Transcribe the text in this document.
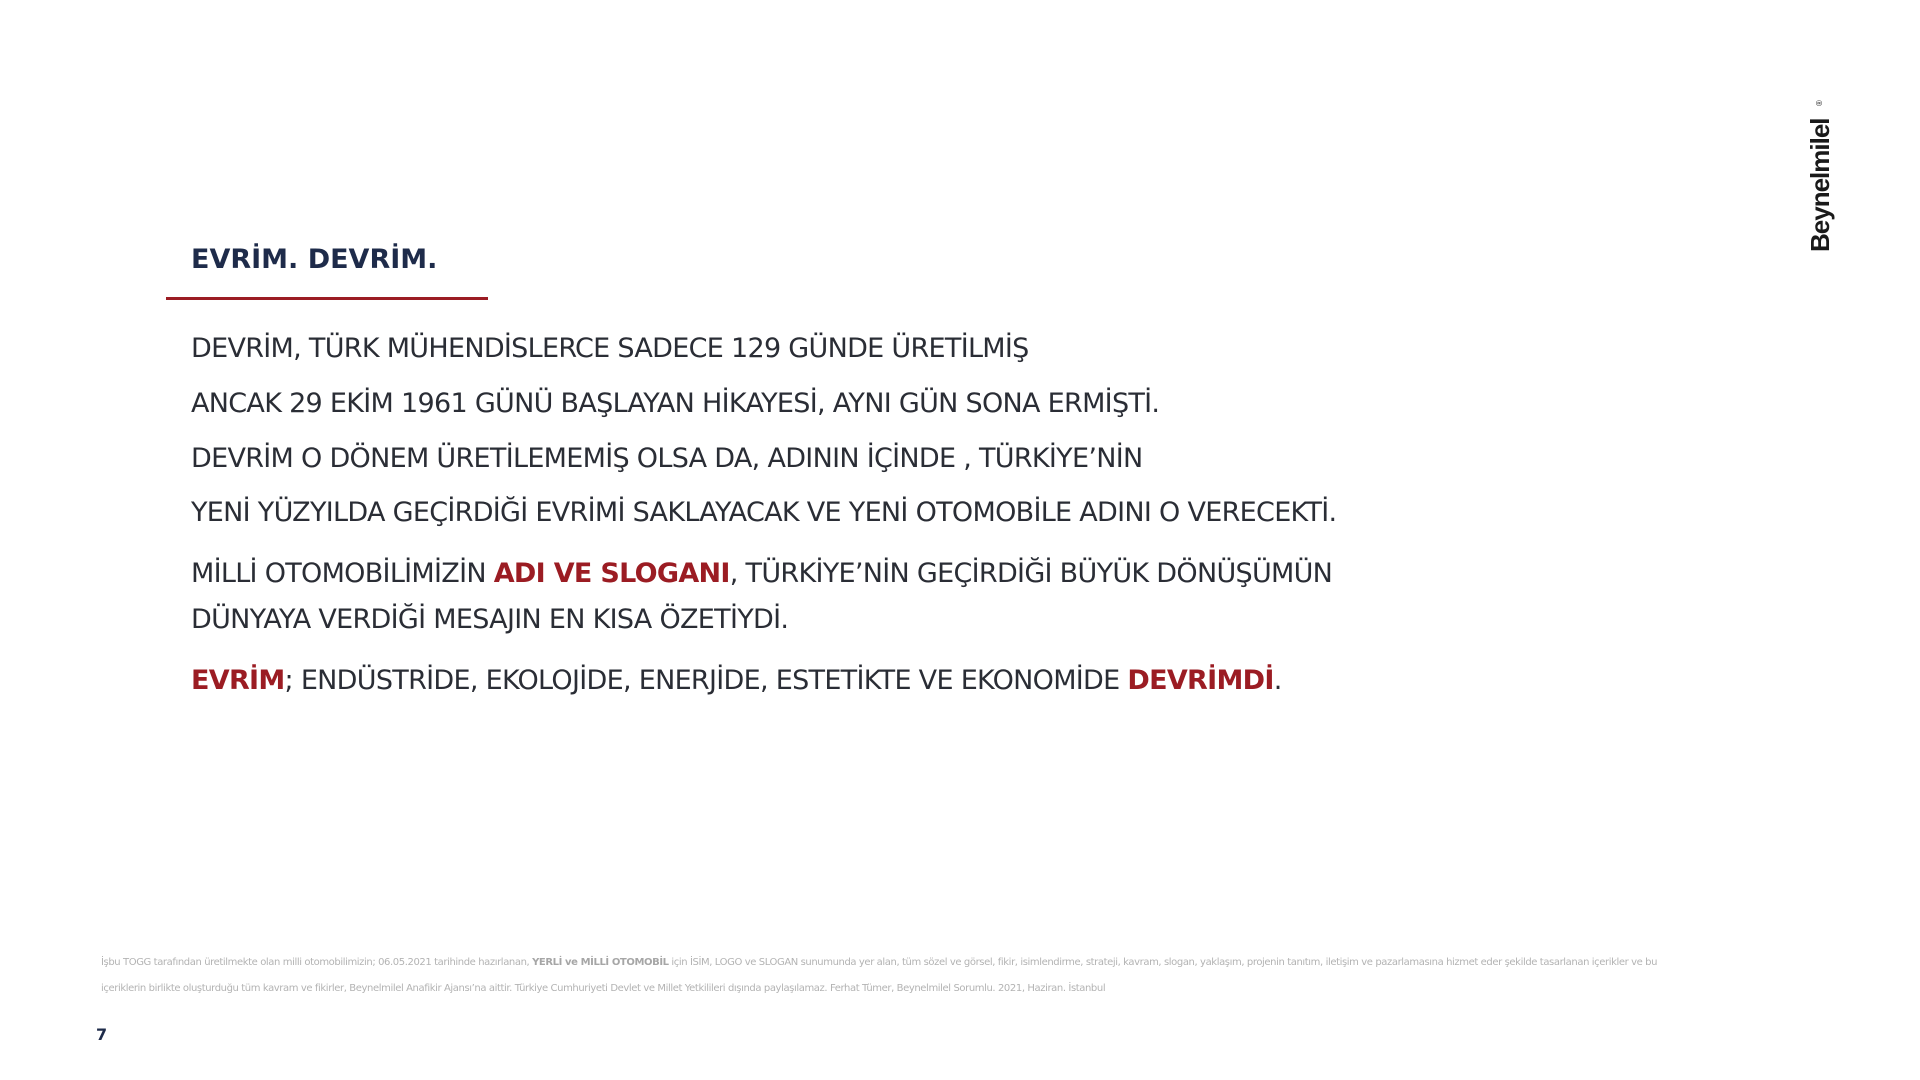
Beynelmilel
®
EVRİM. DEVRİM.
DEVRİM, TÜRK MÜHENDİSLERCE SADECE 129 GÜNDE ÜRETİLMİŞ
ANCAK 29 EKİM 1961 GÜNÜ BAŞLAYAN HİKAYESİ, AYNI GÜN SONA ERMİŞTİ.
DEVRİM O DÖNEM ÜRETİLEMEMİŞ OLSA DA, ADININ İÇİNDE , TÜRKİYE’NİN
YENİ YÜZYILDA GEÇİRDİĞİ EVRİMİ SAKLAYACAK VE YENİ OTOMOBİLE ADINI O VERECEKTİ.
MİLLİ OTOMOBİLİMİZİN ADI VE SLOGANI, TÜRKİYE’NİN GEÇİRDİĞİ BÜYÜK DÖNÜŞÜMÜN
DÜNYAYA VERDİĞİ MESAJIN EN KISA ÖZETİYDİ.
EVRİM; ENDÜSTRİDE, EKOLOJİDE, ENERJİDE, ESTETİKTE VE EKONOMİDE DEVRİMDİ.
İşbu TOGG tarafından üretilmekte olan milli otomobilimizin; 06.05.2021 tarihinde hazırlanan, YERLİ ve MİLLİ OTOMOBİL için İSİM, LOGO ve SLOGAN sunumunda yer alan, tüm sözel ve görsel, fikir, isimlendirme, strateji, kavram, slogan, yaklaşım, projenin tanıtım, iletişim ve pazarlamasına hizmet eder şekilde tasarlanan içerikler ve bu
içeriklerin birlikte oluşturduğu tüm kavram ve fikirler, Beynelmilel Anafikir Ajansı’na aittir. Türkiye Cumhuriyeti Devlet ve Millet Yetkilileri dışında paylaşılamaz. Ferhat Tümer, Beynelmilel Sorumlu. 2021, Haziran. İstanbul
7
